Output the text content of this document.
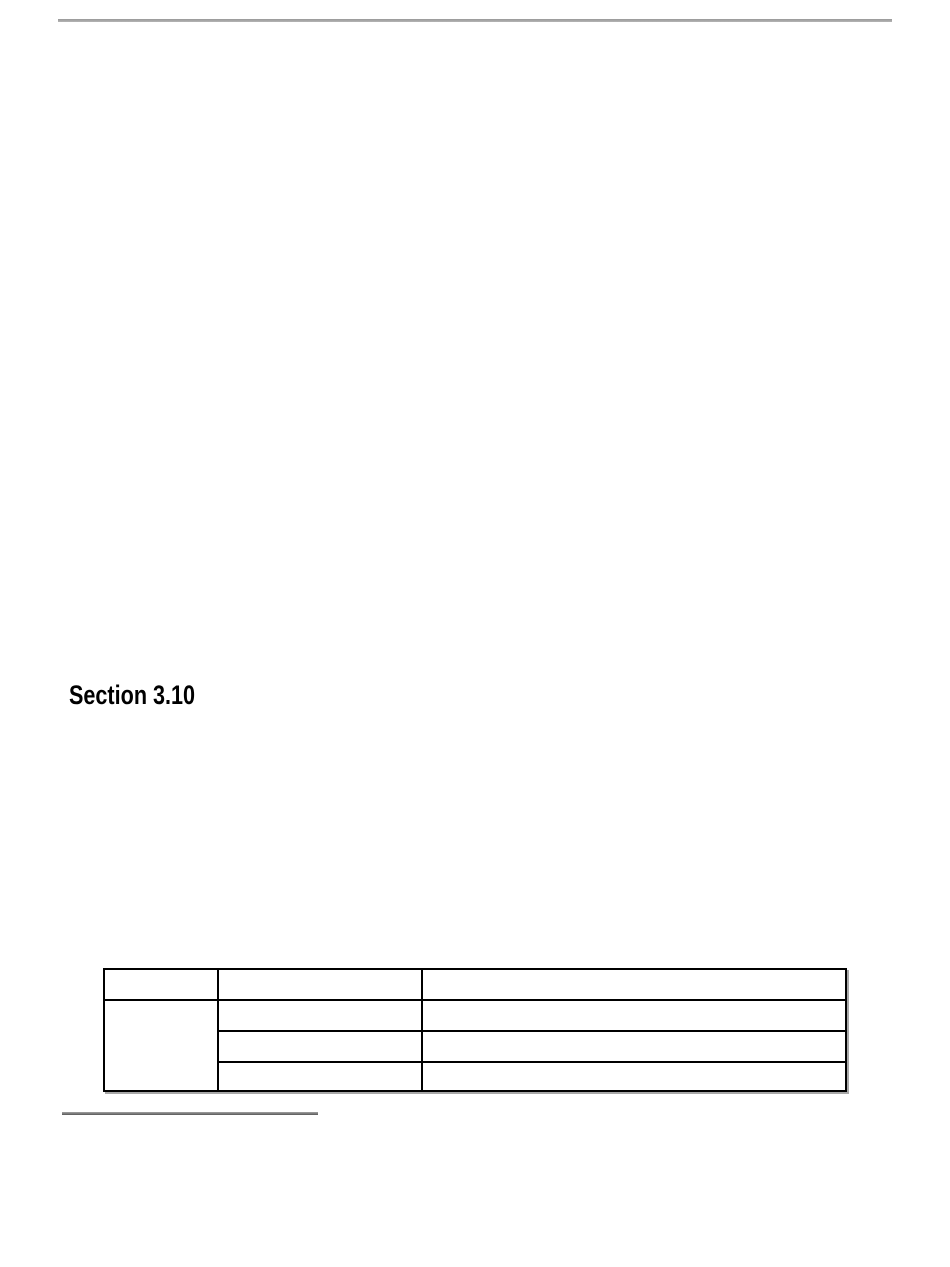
Section 3.10
